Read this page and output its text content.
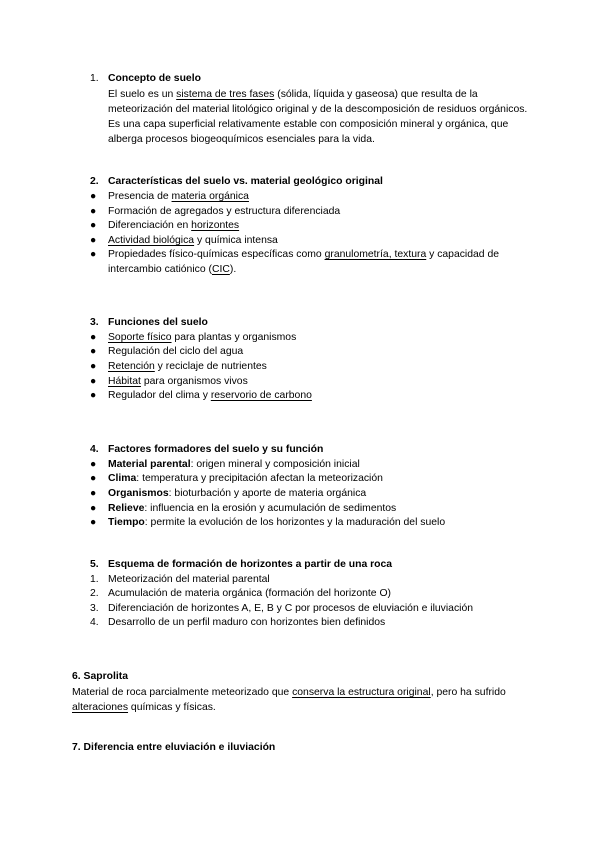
1. Concepto de suelo
El suelo es un sistema de tres fases (sólida, líquida y gaseosa) que resulta de la meteorización del material litológico original y de la descomposición de residuos orgánicos. Es una capa superficial relativamente estable con composición mineral y orgánica, que alberga procesos biogeoquímicos esenciales para la vida.
2. Características del suelo vs. material geológico original
●	Presencia de materia orgánica
●	Formación de agregados y estructura diferenciada
●	Diferenciación en horizontes
●	Actividad biológica y química intensa
●	Propiedades físico-químicas específicas como granulometría, textura y capacidad de intercambio catiónico (CIC).
3. Funciones del suelo
●	Soporte físico para plantas y organismos
●	Regulación del ciclo del agua
●	Retención y reciclaje de nutrientes
●	Hábitat para organismos vivos
●	Regulador del clima y reservorio de carbono
4. Factores formadores del suelo y su función
●	Material parental: origen mineral y composición inicial
●	Clima: temperatura y precipitación afectan la meteorización
●	Organismos: bioturbación y aporte de materia orgánica
●	Relieve: influencia en la erosión y acumulación de sedimentos
●	Tiempo: permite la evolución de los horizontes y la maduración del suelo
5. Esquema de formación de horizontes a partir de una roca
1. Meteorización del material parental
2. Acumulación de materia orgánica (formación del horizonte O)
3. Diferenciación de horizontes A, E, B y C por procesos de eluviación e iluviación
4. Desarrollo de un perfil maduro con horizontes bien definidos
6. Saprolita
Material de roca parcialmente meteorizado que conserva la estructura original, pero ha sufrido alteraciones químicas y físicas.
7. Diferencia entre eluviación e iluviación
